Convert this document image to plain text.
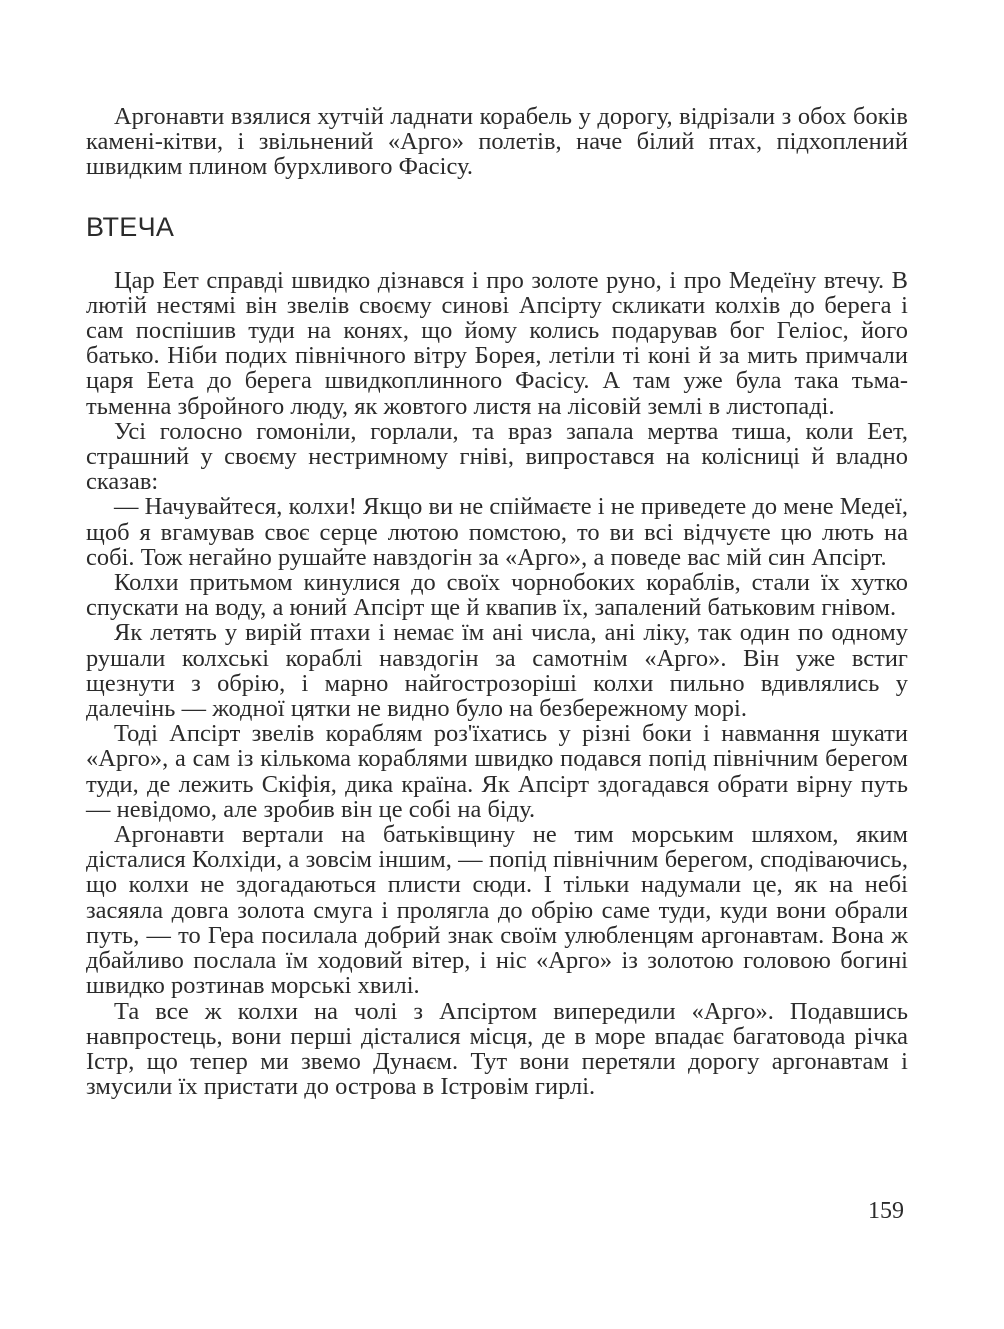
Аргонавти взялися хутчій ладнати корабель у дорогу, відрізали з обох боків камені-кітви, і звільнений «Арго» полетів, наче білий птах, підхоплений швидким плином бурхливого Фасісу.

ВТЕЧА

Цар Еет справді швидко дізнався і про золоте руно, і про Медеїну втечу. В лютій нестямі він звелів своєму синові Апсірту скликати колхів до берега і сам поспішив туди на конях, що йому колись подарував бог Геліос, його батько. Ніби подих північного вітру Борея, летіли ті коні й за мить примчали царя Еета до берега швидкоплинного Фасісу. А там уже була така тьма-тьменна збройного люду, як жовтого листя на лісовій землі в листопаді.

Усі голосно гомоніли, горлали, та враз запала мертва тиша, коли Еет, страшний у своєму нестримному гніві, випростався на колісниці й владно сказав:

— Начувайтеся, колхи! Якщо ви не спіймаєте і не приведете до мене Медеї, щоб я вгамував своє серце лютою помстою, то ви всі відчуєте цю лють на собі. Тож негайно рушайте навздогін за «Арго», а поведе вас мій син Апсірт.

Колхи притьмом кинулися до своїх чорнобоких кораблів, стали їх хутко спускати на воду, а юний Апсірт ще й квапив їх, запалений батьковим гнівом.

Як летять у вирій птахи і немає їм ані числа, ані ліку, так один по одному рушали колхські кораблі навздогін за самотнім «Арго». Він уже встиг щезнути з обрію, і марно найгострозоріші колхи пильно вдивлялись у далечінь — жодної цятки не видно було на безбережному морі.

Тоді Апсірт звелів кораблям роз'їхатись у різні боки і навмання шукати «Арго», а сам із кількома кораблями швидко подався попід північним берегом туди, де лежить Скіфія, дика країна. Як Апсірт здогадався обрати вірну путь — невідомо, але зробив він це собі на біду.

Аргонавти вертали на батьківщину не тим морським шляхом, яким дісталися Колхіди, а зовсім іншим, — попід північним берегом, сподіваючись, що колхи не здогадаються плисти сюди. І тільки надумали це, як на небі засяяла довга золота смуга і пролягла до обрію саме туди, куди вони обрали путь, — то Гера посилала добрий знак своїм улюбленцям аргонавтам. Вона ж дбайливо послала їм ходовий вітер, і ніс «Арго» із золотою головою богині швидко розтинав морські хвилі.

Та все ж колхи на чолі з Апсіртом випередили «Арго». Подавшись навпростець, вони перші дісталися місця, де в море впадає багатовода річка Істр, що тепер ми звемо Дунаєм. Тут вони перетяли дорогу аргонавтам і змусили їх пристати до острова в Істровім гирлі.

159
